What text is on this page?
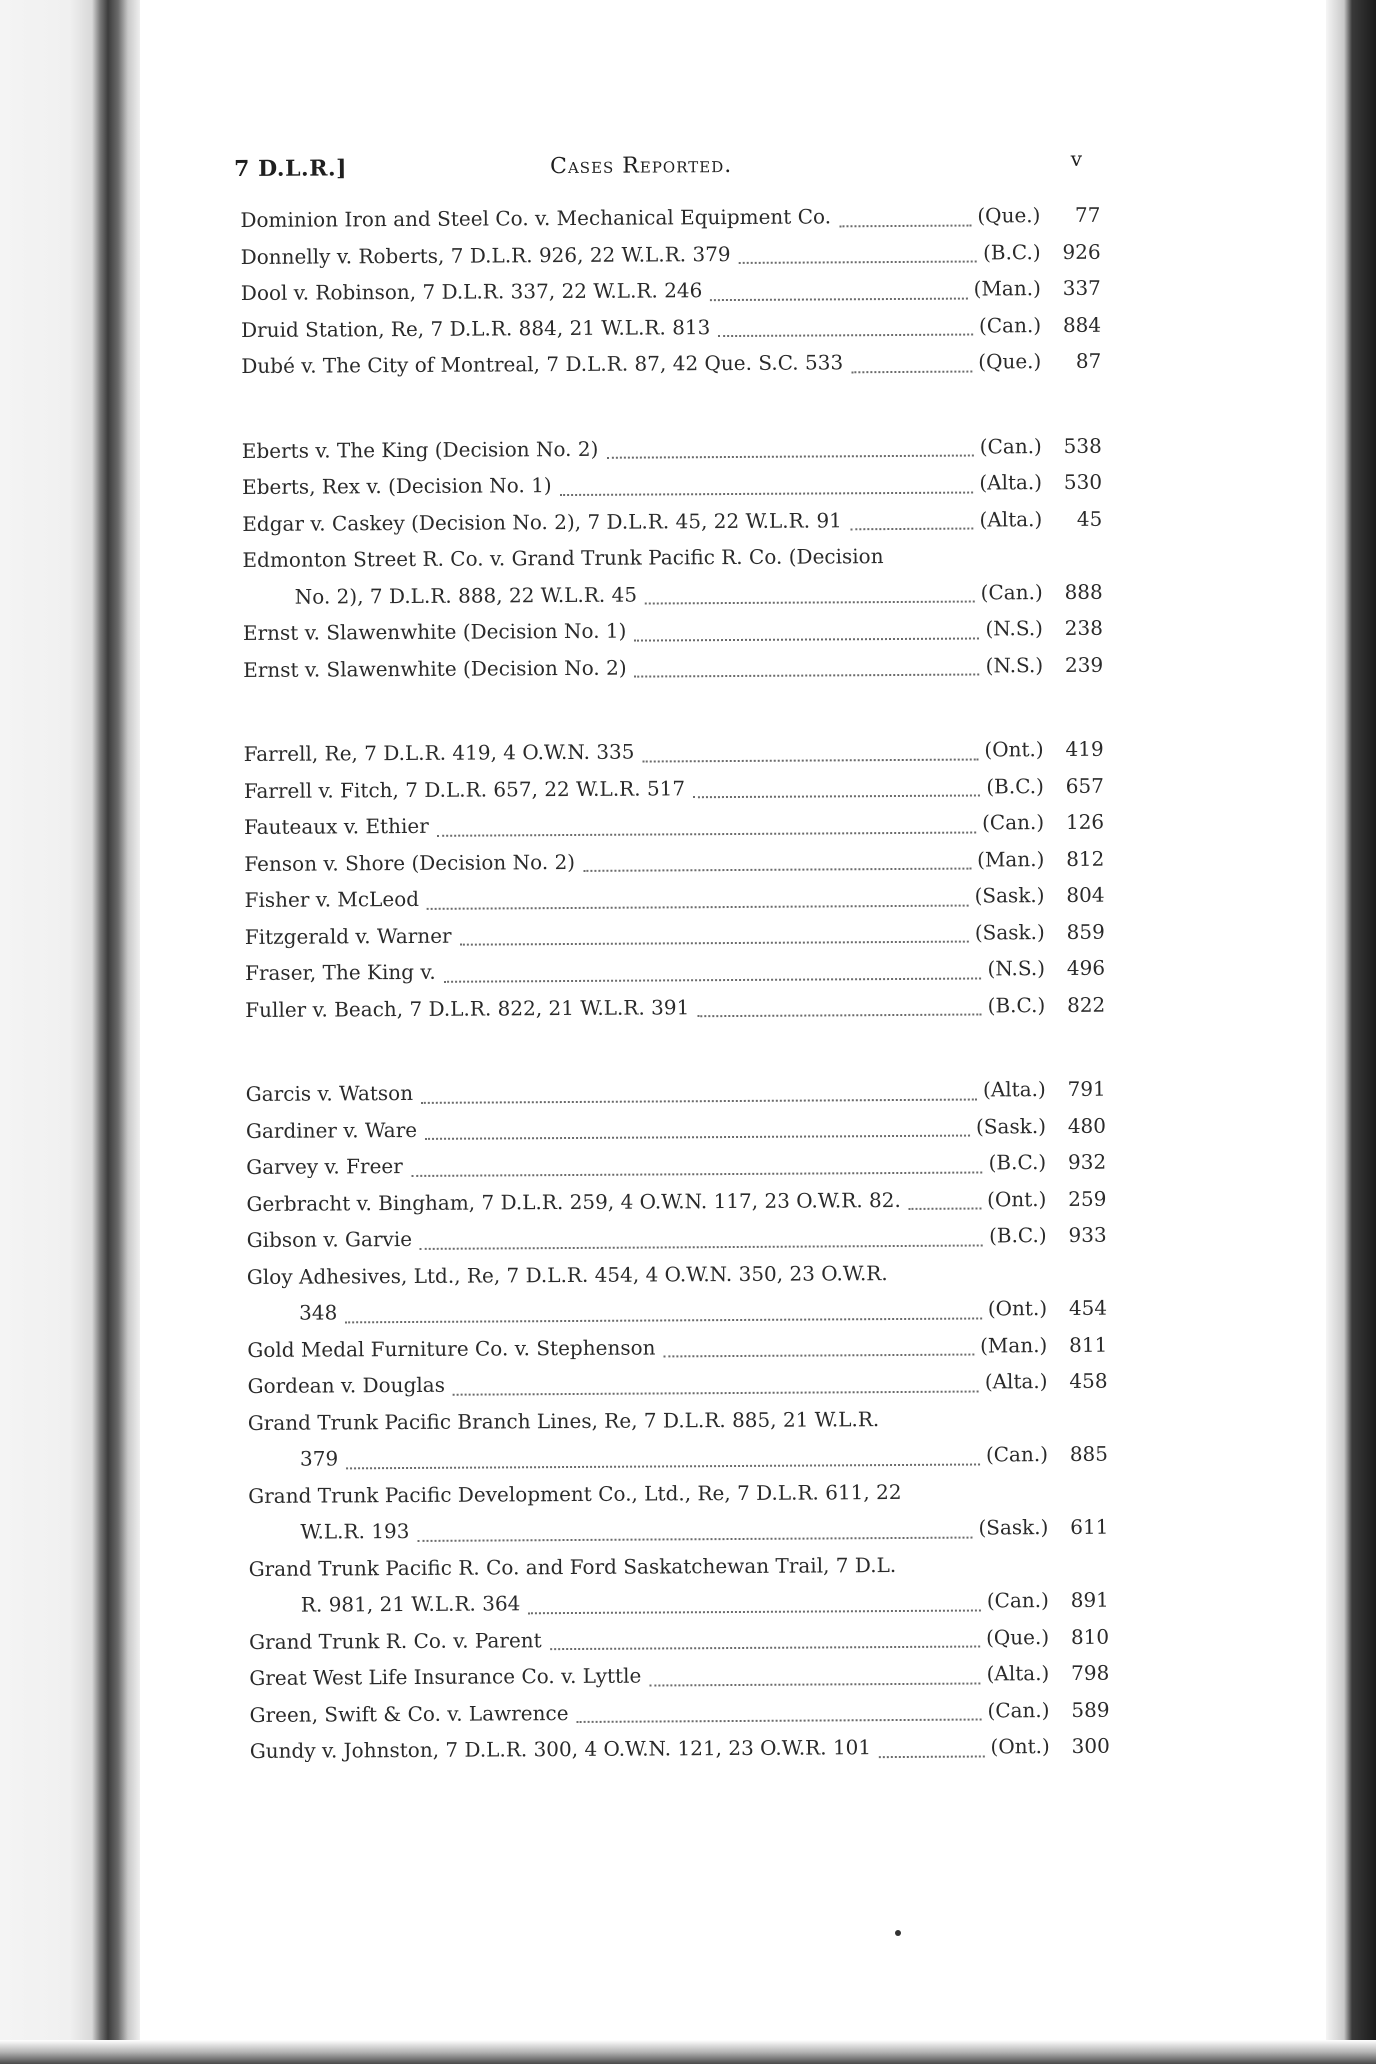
7 D.L.R.]	Cases Reported.	v
Dominion Iron and Steel Co. v. Mechanical Equipment Co.	(Que.)	77
Donnelly v. Roberts, 7 D.L.R. 926, 22 W.L.R. 379	(B.C.)	926
Dool v. Robinson, 7 D.L.R. 337, 22 W.L.R. 246	(Man.)	337
Druid Station, Re, 7 D.L.R. 884, 21 W.L.R. 813	(Can.)	884
Dubé v. The City of Montreal, 7 D.L.R. 87, 42 Que. S.C. 533	(Que.)	87
Eberts v. The King (Decision No. 2)	(Can.)	538
Eberts, Rex v. (Decision No. 1)	(Alta.)	530
Edgar v. Caskey (Decision No. 2), 7 D.L.R. 45, 22 W.L.R. 91	(Alta.)	45
Edmonton Street R. Co. v. Grand Trunk Pacific R. Co. (Decision
No. 2), 7 D.L.R. 888, 22 W.L.R. 45	(Can.)	888
Ernst v. Slawenwhite (Decision No. 1)	(N.S.)	238
Ernst v. Slawenwhite (Decision No. 2)	(N.S.)	239
Farrell, Re, 7 D.L.R. 419, 4 O.W.N. 335	(Ont.)	419
Farrell v. Fitch, 7 D.L.R. 657, 22 W.L.R. 517	(B.C.)	657
Fauteaux v. Ethier	(Can.)	126
Fenson v. Shore (Decision No. 2)	(Man.)	812
Fisher v. McLeod	(Sask.)	804
Fitzgerald v. Warner	(Sask.)	859
Fraser, The King v.	(N.S.)	496
Fuller v. Beach, 7 D.L.R. 822, 21 W.L.R. 391	(B.C.)	822
Garcis v. Watson	(Alta.)	791
Gardiner v. Ware	(Sask.)	480
Garvey v. Freer	(B.C.)	932
Gerbracht v. Bingham, 7 D.L.R. 259, 4 O.W.N. 117, 23 O.W.R. 82.	(Ont.)	259
Gibson v. Garvie	(B.C.)	933
Gloy Adhesives, Ltd., Re, 7 D.L.R. 454, 4 O.W.N. 350, 23 O.W.R.
348	(Ont.)	454
Gold Medal Furniture Co. v. Stephenson	(Man.)	811
Gordean v. Douglas	(Alta.)	458
Grand Trunk Pacific Branch Lines, Re, 7 D.L.R. 885, 21 W.L.R.
379	(Can.)	885
Grand Trunk Pacific Development Co., Ltd., Re, 7 D.L.R. 611, 22
W.L.R. 193	(Sask.)	611
Grand Trunk Pacific R. Co. and Ford Saskatchewan Trail, 7 D.L.
R. 981, 21 W.L.R. 364	(Can.)	891
Grand Trunk R. Co. v. Parent	(Que.)	810
Great West Life Insurance Co. v. Lyttle	(Alta.)	798
Green, Swift & Co. v. Lawrence	(Can.)	589
Gundy v. Johnston, 7 D.L.R. 300, 4 O.W.N. 121, 23 O.W.R. 101	(Ont.)	300
